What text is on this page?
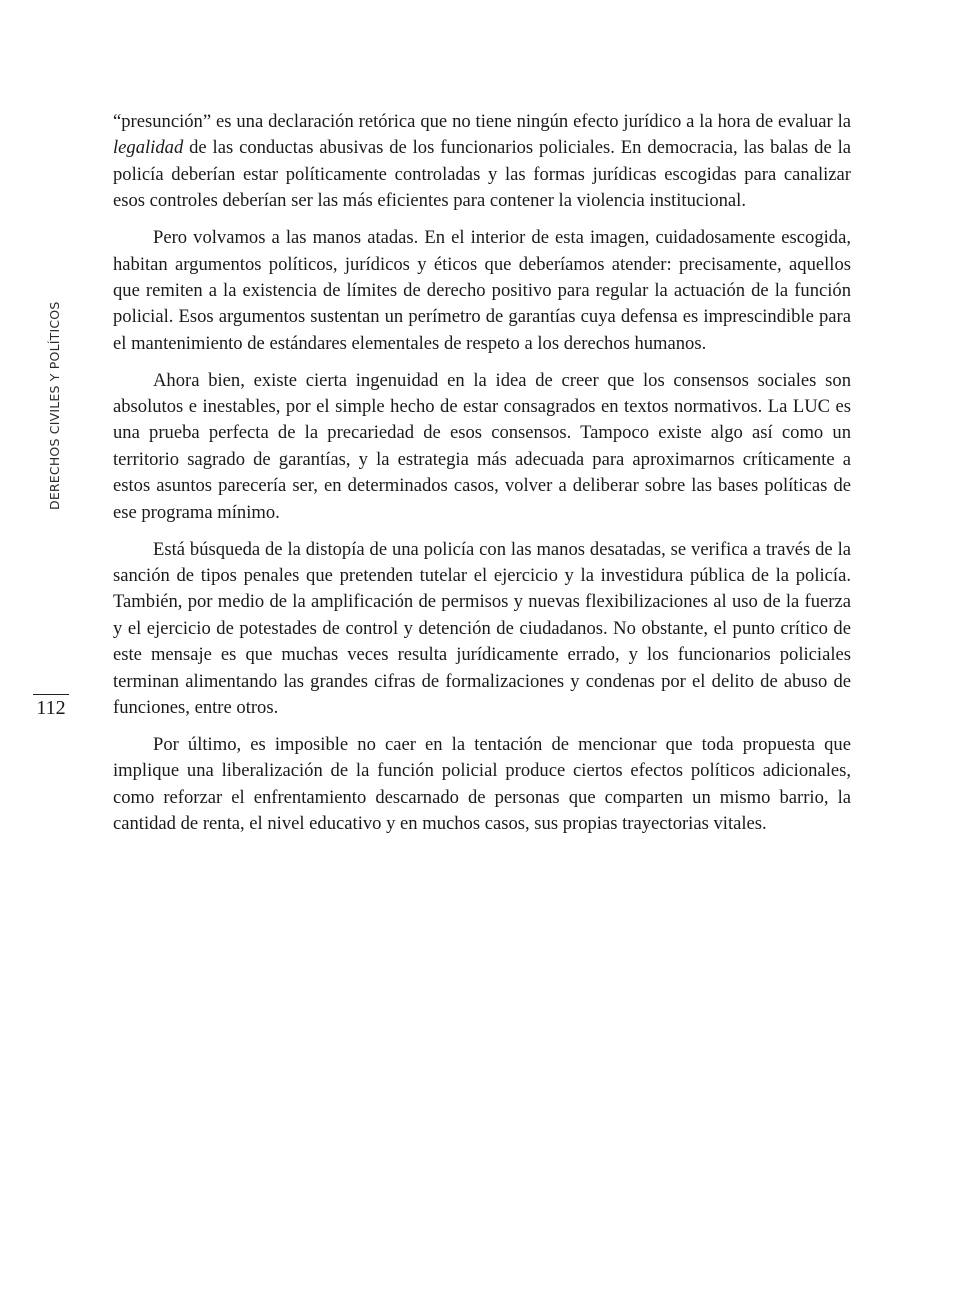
DERECHOS CIVILES Y POLÍTICOS
112

“presunción” es una declaración retórica que no tiene ningún efecto jurídico a la hora de evaluar la legalidad de las conductas abusivas de los funcionarios policiales. En democracia, las balas de la policía deberían estar políticamente controladas y las formas jurídicas escogidas para canalizar esos controles deberían ser las más eficientes para contener la violencia institucional.

Pero volvamos a las manos atadas. En el interior de esta imagen, cuidadosamente escogida, habitan argumentos políticos, jurídicos y éticos que deberíamos atender: precisamente, aquellos que remiten a la existencia de límites de derecho positivo para regular la actuación de la función policial. Esos argumentos sustentan un perímetro de garantías cuya defensa es imprescindible para el mantenimiento de estándares elementales de respeto a los derechos humanos.

Ahora bien, existe cierta ingenuidad en la idea de creer que los consensos sociales son absolutos e inestables, por el simple hecho de estar consagrados en textos normativos. La LUC es una prueba perfecta de la precariedad de esos consensos. Tampoco existe algo así como un territorio sagrado de garantías, y la estrategia más adecuada para aproximarnos críticamente a estos asuntos parecería ser, en determinados casos, volver a deliberar sobre las bases políticas de ese programa mínimo.

Está búsqueda de la distopía de una policía con las manos desatadas, se verifica a través de la sanción de tipos penales que pretenden tutelar el ejercicio y la investidura pública de la policía. También, por medio de la amplificación de permisos y nuevas flexibilizaciones al uso de la fuerza y el ejercicio de potestades de control y detención de ciudadanos. No obstante, el punto crítico de este mensaje es que muchas veces resulta jurídicamente errado, y los funcionarios policiales terminan alimentando las grandes cifras de formalizaciones y condenas por el delito de abuso de funciones, entre otros.

Por último, es imposible no caer en la tentación de mencionar que toda propuesta que implique una liberalización de la función policial produce ciertos efectos políticos adicionales, como reforzar el enfrentamiento descarnado de personas que comparten un mismo barrio, la cantidad de renta, el nivel educativo y en muchos casos, sus propias trayectorias vitales.
